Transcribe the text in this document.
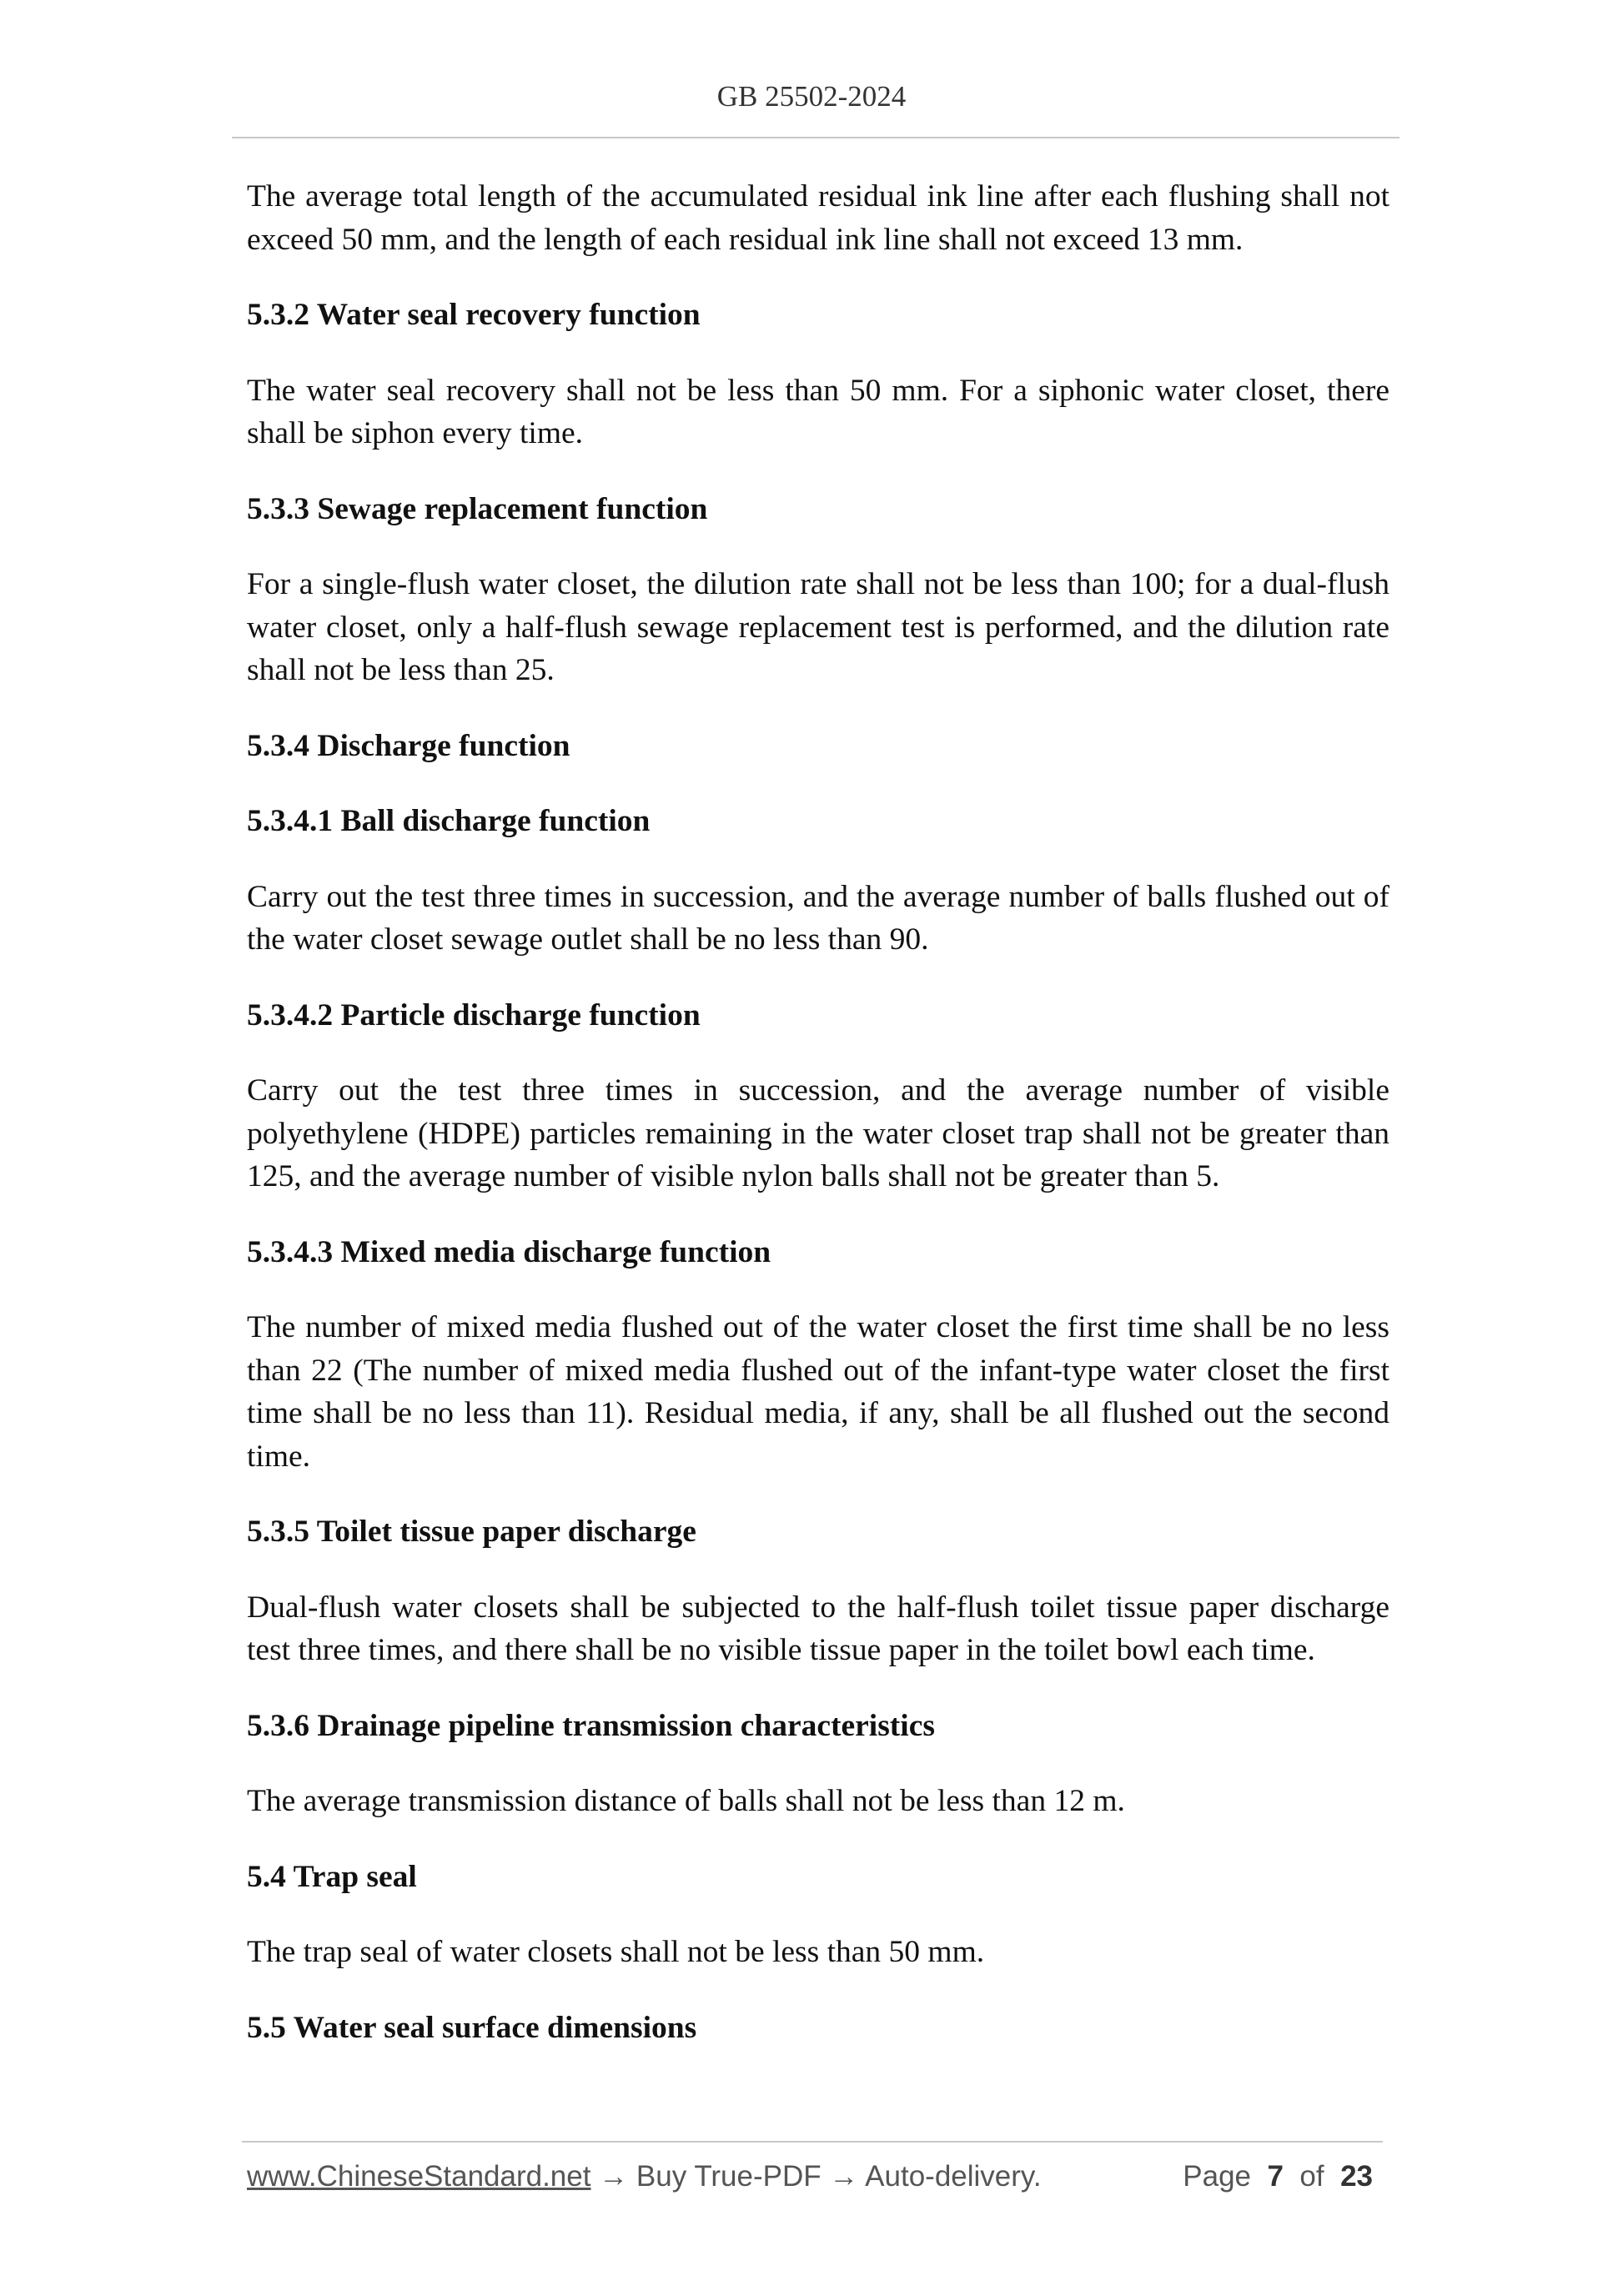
GB 25502-2024

The average total length of the accumulated residual ink line after each flushing shall not exceed 50 mm, and the length of each residual ink line shall not exceed 13 mm.

5.3.2 Water seal recovery function

The water seal recovery shall not be less than 50 mm. For a siphonic water closet, there shall be siphon every time.

5.3.3 Sewage replacement function

For a single-flush water closet, the dilution rate shall not be less than 100; for a dual-flush water closet, only a half-flush sewage replacement test is performed, and the dilution rate shall not be less than 25.

5.3.4 Discharge function
5.3.4.1 Ball discharge function

Carry out the test three times in succession, and the average number of balls flushed out of the water closet sewage outlet shall be no less than 90.

5.3.4.2 Particle discharge function

Carry out the test three times in succession, and the average number of visible polyethylene (HDPE) particles remaining in the water closet trap shall not be greater than 125, and the average number of visible nylon balls shall not be greater than 5.

5.3.4.3 Mixed media discharge function

The number of mixed media flushed out of the water closet the first time shall be no less than 22 (The number of mixed media flushed out of the infant-type water closet the first time shall be no less than 11). Residual media, if any, shall be all flushed out the second time.

5.3.5 Toilet tissue paper discharge

Dual-flush water closets shall be subjected to the half-flush toilet tissue paper discharge test three times, and there shall be no visible tissue paper in the toilet bowl each time.

5.3.6 Drainage pipeline transmission characteristics

The average transmission distance of balls shall not be less than 12 m.

5.4 Trap seal

The trap seal of water closets shall not be less than 50 mm.

5.5 Water seal surface dimensions
www.ChineseStandard.net → Buy True-PDF → Auto-delivery.	Page 7 of 23
